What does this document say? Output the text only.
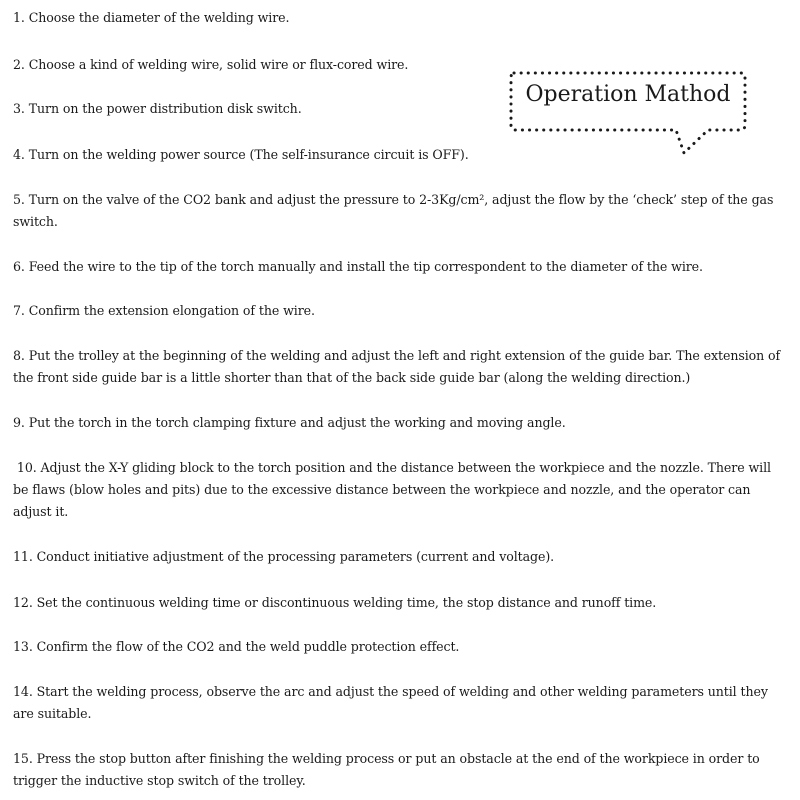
Operation Mathod
1. Choose the diameter of the welding wire.
2. Choose a kind of welding wire, solid wire or flux-cored wire.
3. Turn on the power distribution disk switch.
4. Turn on the welding power source (The self-insurance circuit is OFF).
5. Turn on the valve of the CO2 bank and adjust the pressure to 2-3Kg/cm², adjust the flow by the ‘check’ step of the gas switch.
6. Feed the wire to the tip of the torch manually and install the tip correspondent to the diameter of the wire.
7. Confirm the extension elongation of the wire.
8. Put the trolley at the beginning of the welding and adjust the left and right extension of the guide bar. The extension of the front side guide bar is a little shorter than that of the back side guide bar (along the welding direction.)
9. Put the torch in the torch clamping fixture and adjust the working and moving angle.
10. Adjust the X-Y gliding block to the torch position and the distance between the workpiece and the nozzle. There will be flaws (blow holes and pits) due to the excessive distance between the workpiece and nozzle, and the operator can adjust it.
11. Conduct initiative adjustment of the processing parameters (current and voltage).
12. Set the continuous welding time or discontinuous welding time, the stop distance and runoff time.
13. Confirm the flow of the CO2 and the weld puddle protection effect.
14. Start the welding process, observe the arc and adjust the speed of welding and other welding parameters until they are suitable.
15. Press the stop button after finishing the welding process or put an obstacle at the end of the workpiece in order to trigger the inductive stop switch of the trolley.
